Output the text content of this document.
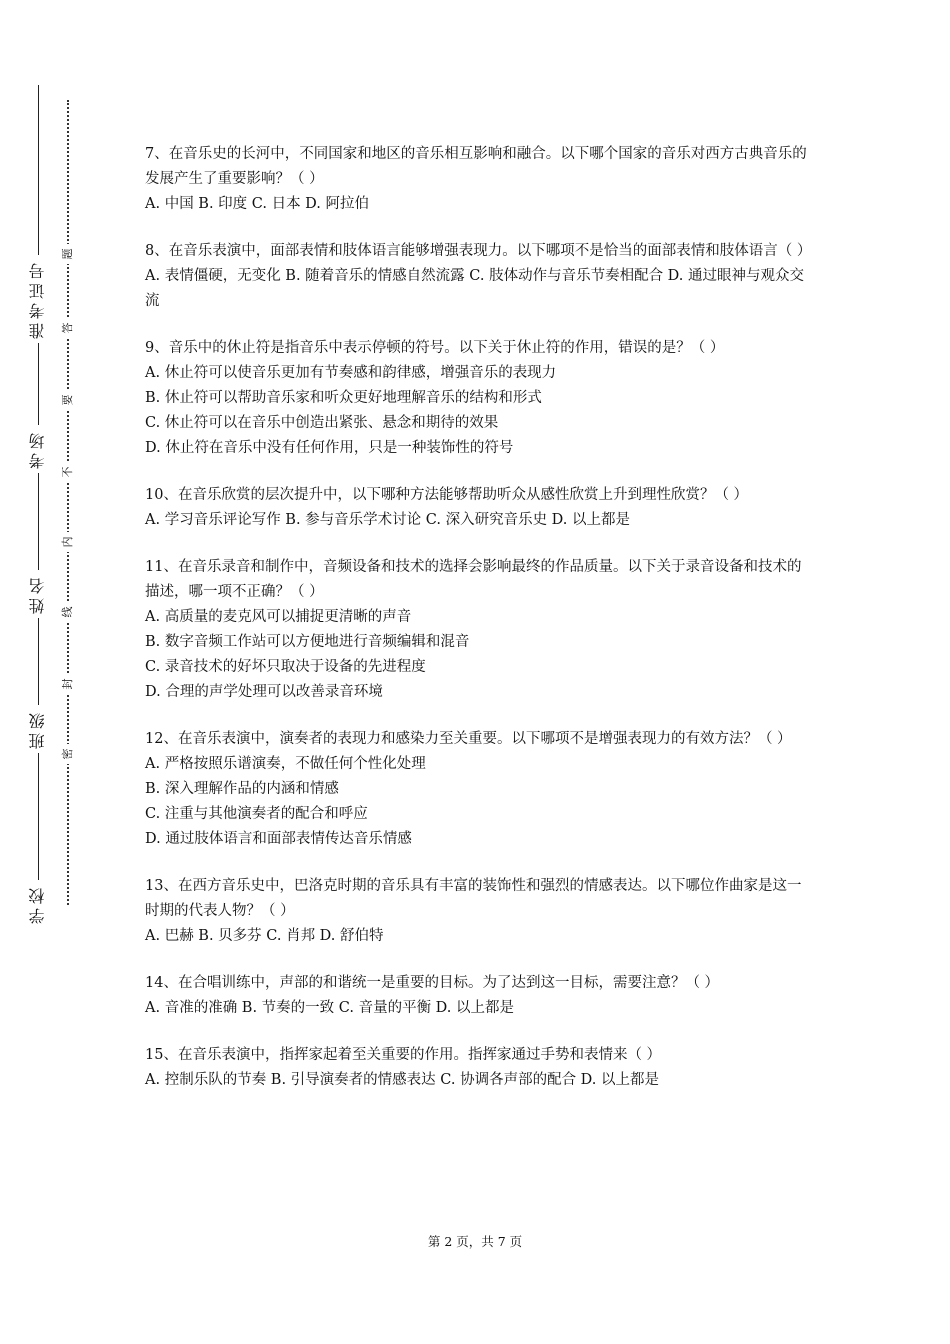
准考证号
考场
姓名
班级
学校
题
答
要
不
内
线
封
密
7、在音乐史的长河中，不同国家和地区的音乐相互影响和融合。以下哪个国家的音乐对西方古典音乐的发展产生了重要影响？（ ）
A. 中国 B. 印度 C. 日本 D. 阿拉伯
8、在音乐表演中，面部表情和肢体语言能够增强表现力。以下哪项不是恰当的面部表情和肢体语言（ ）
A. 表情僵硬，无变化 B. 随着音乐的情感自然流露 C. 肢体动作与音乐节奏相配合 D. 通过眼神与观众交流
9、音乐中的休止符是指音乐中表示停顿的符号。以下关于休止符的作用，错误的是？（ ）
A. 休止符可以使音乐更加有节奏感和韵律感，增强音乐的表现力
B. 休止符可以帮助音乐家和听众更好地理解音乐的结构和形式
C. 休止符可以在音乐中创造出紧张、悬念和期待的效果
D. 休止符在音乐中没有任何作用，只是一种装饰性的符号
10、在音乐欣赏的层次提升中，以下哪种方法能够帮助听众从感性欣赏上升到理性欣赏？（ ）
A. 学习音乐评论写作 B. 参与音乐学术讨论 C. 深入研究音乐史 D. 以上都是
11、在音乐录音和制作中，音频设备和技术的选择会影响最终的作品质量。以下关于录音设备和技术的描述，哪一项不正确？（ ）
A. 高质量的麦克风可以捕捉更清晰的声音
B. 数字音频工作站可以方便地进行音频编辑和混音
C. 录音技术的好坏只取决于设备的先进程度
D. 合理的声学处理可以改善录音环境
12、在音乐表演中，演奏者的表现力和感染力至关重要。以下哪项不是增强表现力的有效方法？（ ）
A. 严格按照乐谱演奏，不做任何个性化处理
B. 深入理解作品的内涵和情感
C. 注重与其他演奏者的配合和呼应
D. 通过肢体语言和面部表情传达音乐情感
13、在西方音乐史中，巴洛克时期的音乐具有丰富的装饰性和强烈的情感表达。以下哪位作曲家是这一时期的代表人物？（ ）
A. 巴赫 B. 贝多芬 C. 肖邦 D. 舒伯特
14、在合唱训练中，声部的和谐统一是重要的目标。为了达到这一目标，需要注意？（ ）
A. 音准的准确 B. 节奏的一致 C. 音量的平衡 D. 以上都是
15、在音乐表演中，指挥家起着至关重要的作用。指挥家通过手势和表情来（ ）
A. 控制乐队的节奏 B. 引导演奏者的情感表达 C. 协调各声部的配合 D. 以上都是
第 2 页，共 7 页
